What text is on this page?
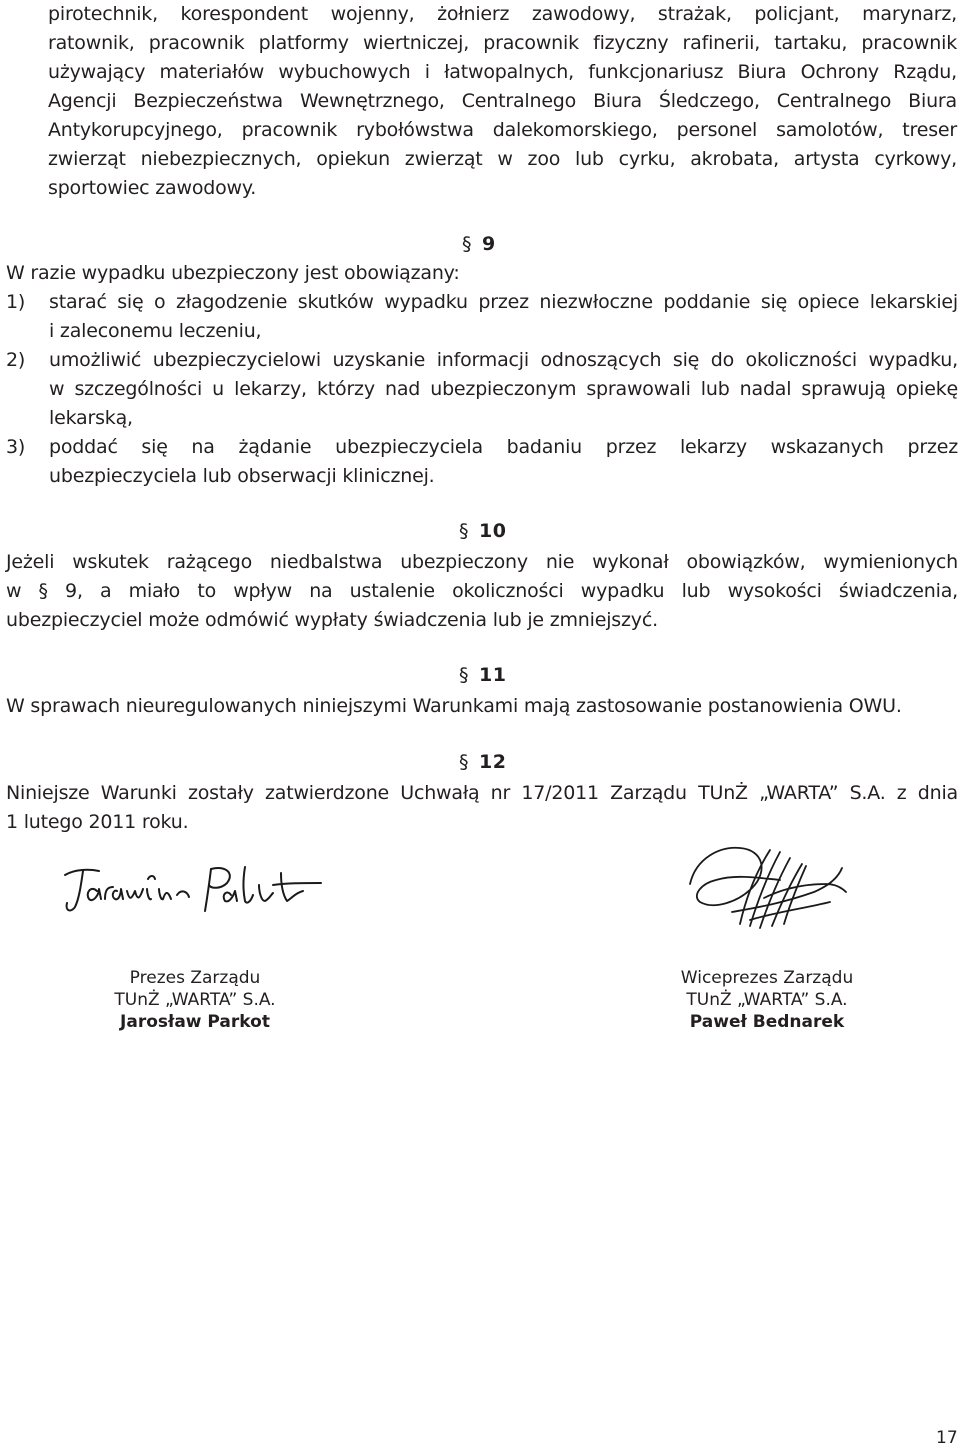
pirotechnik, korespondent wojenny, żołnierz zawodowy, strażak, policjant, marynarz,
ratownik, pracownik platformy wiertniczej, pracownik fizyczny rafinerii, tartaku, pracownik
używający materiałów wybuchowych i łatwopalnych, funkcjonariusz Biura Ochrony Rządu,
Agencji Bezpieczeństwa Wewnętrznego, Centralnego Biura Śledczego, Centralnego Biura
Antykorupcyjnego, pracownik rybołówstwa dalekomorskiego, personel samolotów, treser
zwierząt niebezpiecznych, opiekun zwierząt w zoo lub cyrku, akrobata, artysta cyrkowy,
sportowiec zawodowy.
§ 9
W razie wypadku ubezpieczony jest obowiązany:
1) starać się o złagodzenie skutków wypadku przez niezwłoczne poddanie się opiece lekarskiej
i zaleconemu leczeniu,
2) umożliwić ubezpieczycielowi uzyskanie informacji odnoszących się do okoliczności wypadku,
w szczególności u lekarzy, którzy nad ubezpieczonym sprawowali lub nadal sprawują opiekę
lekarską,
3) poddać się na żądanie ubezpieczyciela badaniu przez lekarzy wskazanych przez
ubezpieczyciela lub obserwacji klinicznej.
§ 10
Jeżeli wskutek rażącego niedbalstwa ubezpieczony nie wykonał obowiązków, wymienionych
w § 9, a miało to wpływ na ustalenie okoliczności wypadku lub wysokości świadczenia,
ubezpieczyciel może odmówić wypłaty świadczenia lub je zmniejszyć.
§ 11
W sprawach nieuregulowanych niniejszymi Warunkami mają zastosowanie postanowienia OWU.
§ 12
Niniejsze Warunki zostały zatwierdzone Uchwałą nr 17/2011 Zarządu TUnŻ „WARTA” S.A. z dnia
1 lutego 2011 roku.
Prezes Zarządu
TUnŻ „WARTA” S.A.
Jarosław Parkot
Wiceprezes Zarządu
TUnŻ „WARTA” S.A.
Paweł Bednarek
17
